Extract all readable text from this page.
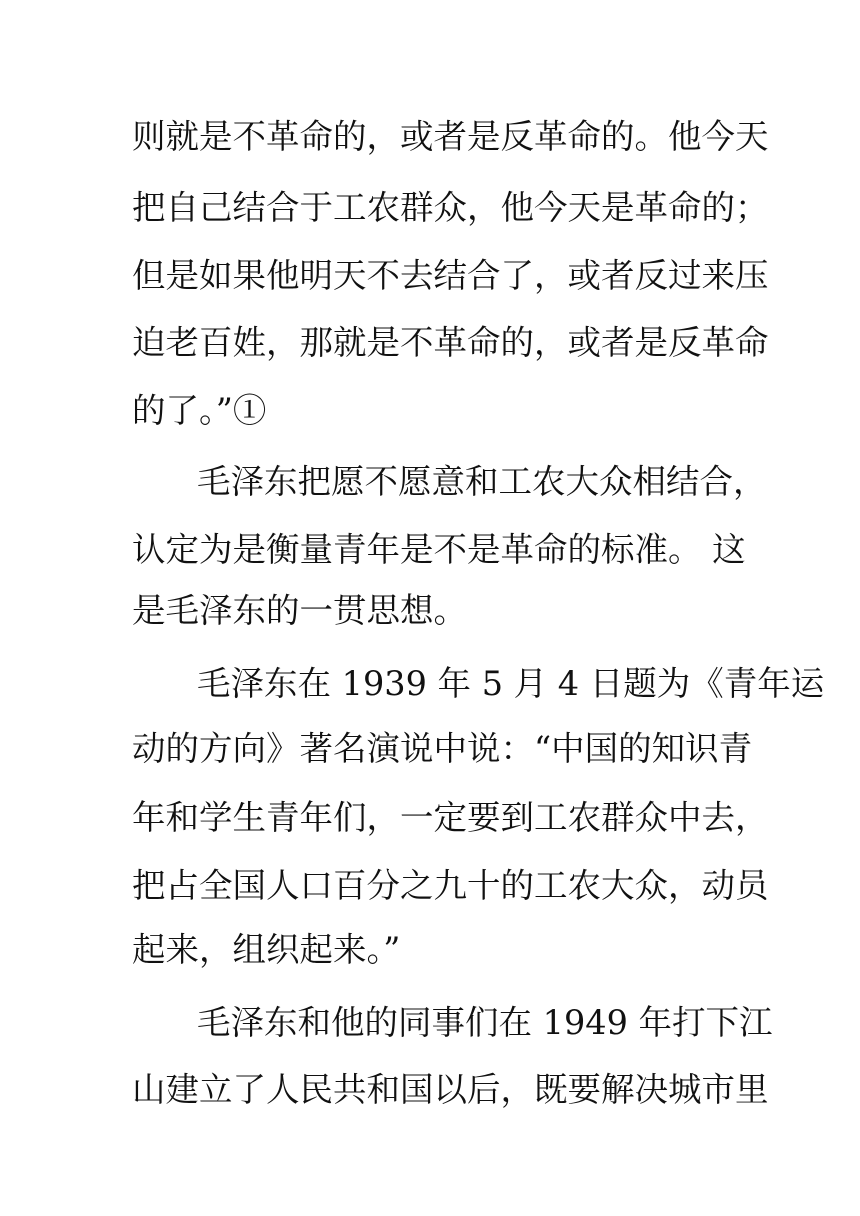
则就是不革命的，或者是反革命的。他今天
把自己结合于工农群众，他今天是革命的；
但是如果他明天不去结合了，或者反过来压
迫老百姓，那就是不革命的，或者是反革命
的了。”①
毛泽东把愿不愿意和工农大众相结合，
认定为是衡量青年是不是革命的标准。 这
是毛泽东的一贯思想。
毛泽东在 1939 年 5 月 4 日题为《青年运
动的方向》著名演说中说：“中国的知识青
年和学生青年们，一定要到工农群众中去，
把占全国人口百分之九十的工农大众，动员
起来，组织起来。”
毛泽东和他的同事们在 1949 年打下江
山建立了人民共和国以后，既要解决城市里
